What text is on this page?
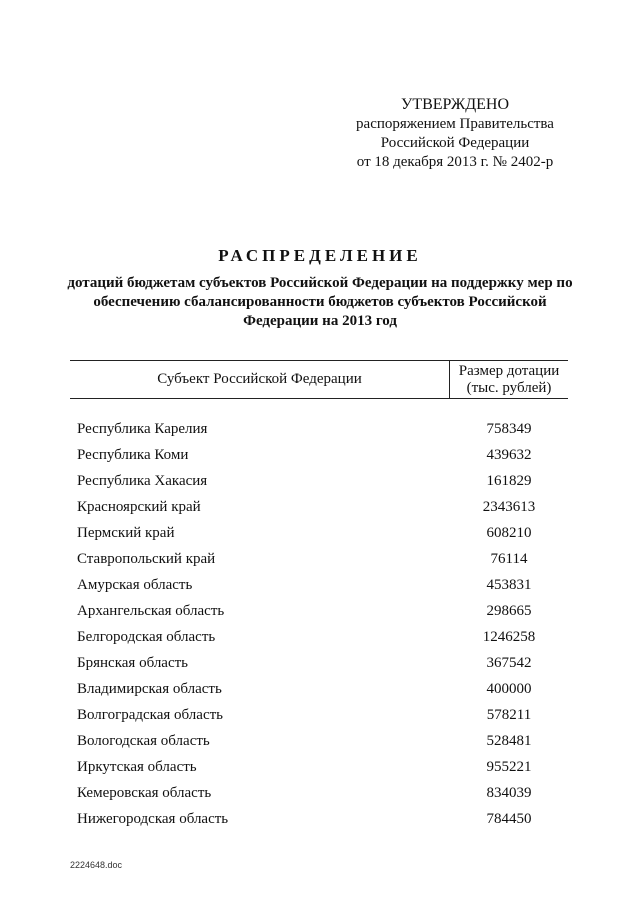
УТВЕРЖДЕНО
распоряжением Правительства
Российской Федерации
от 18 декабря 2013 г. № 2402-р
РАСПРЕДЕЛЕНИЕ
дотаций бюджетам субъектов Российской Федерации на поддержку мер по обеспечению сбалансированности бюджетов субъектов Российской Федерации на 2013 год
Субъект Российской Федерации	Размер дотации (тыс. рублей)
Республика Карелия	758349
Республика Коми	439632
Республика Хакасия	161829
Красноярский край	2343613
Пермский край	608210
Ставропольский край	76114
Амурская область	453831
Архангельская область	298665
Белгородская область	1246258
Брянская область	367542
Владимирская область	400000
Волгоградская область	578211
Вологодская область	528481
Иркутская область	955221
Кемеровская область	834039
Нижегородская область	784450
2224648.doc
